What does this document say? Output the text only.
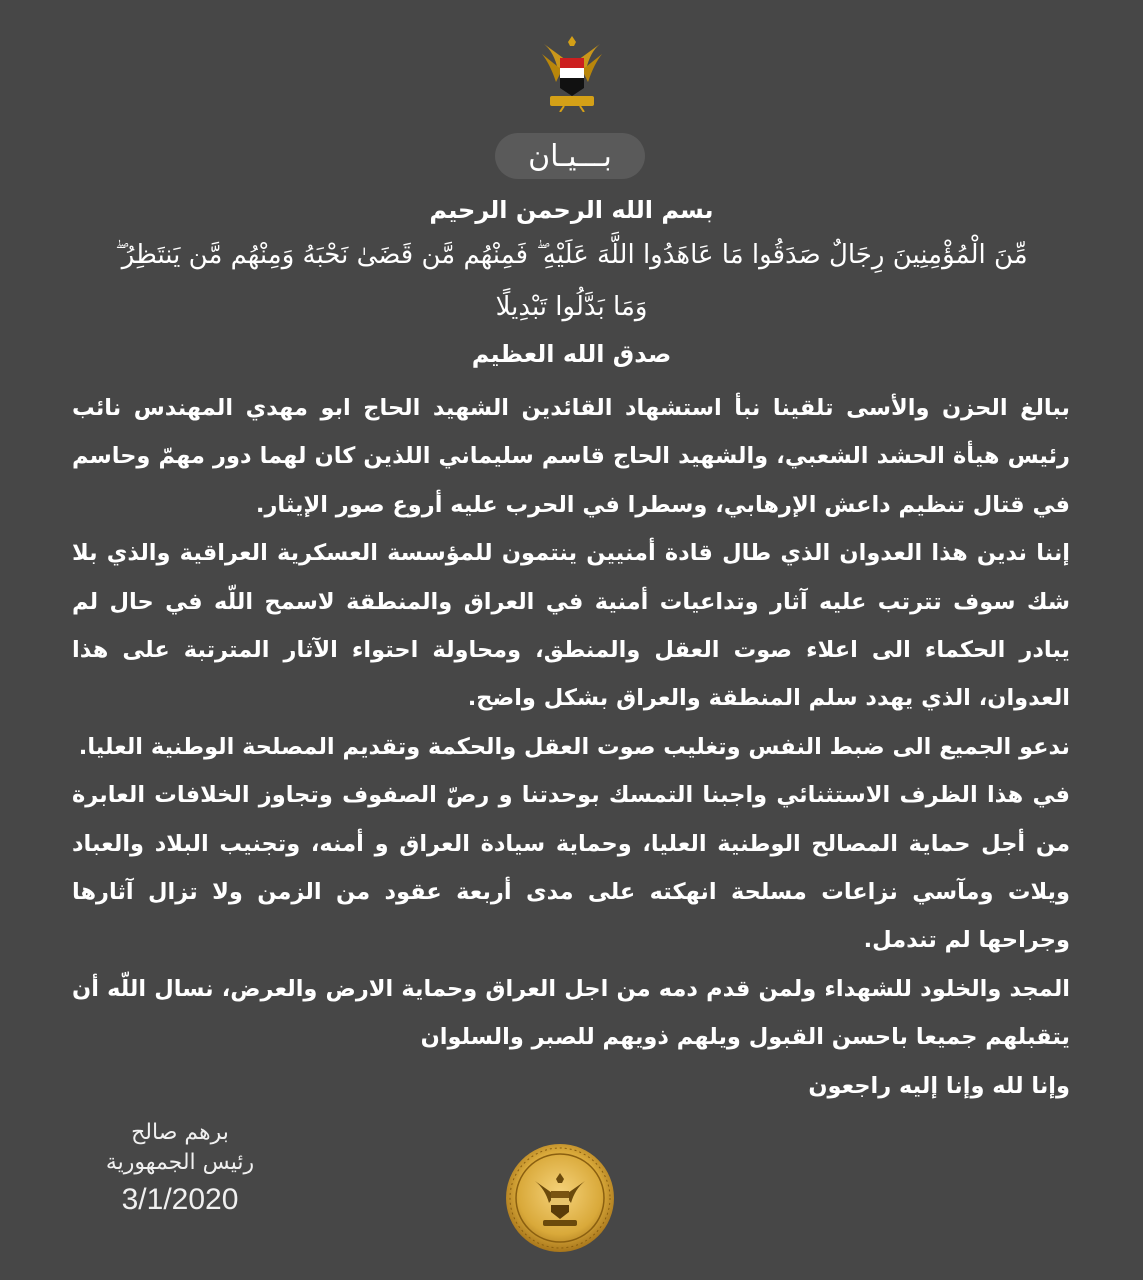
بـــيـان
بسم الله الرحمن الرحيم
مِّنَ الْمُؤْمِنِينَ رِجَالٌ صَدَقُوا مَا عَاهَدُوا اللَّهَ عَلَيْهِ ۖ فَمِنْهُم مَّن قَضَىٰ نَحْبَهُ وَمِنْهُم مَّن يَنتَظِرُ ۖ
وَمَا بَدَّلُوا تَبْدِيلًا
صدق الله العظيم

ببالغ الحزن والأسى تلقينا نبأ استشهاد القائدين الشهيد الحاج ابو مهدي المهندس نائب رئيس هيأة الحشد الشعبي، والشهيد الحاج قاسم سليماني اللذين كان لهما دور مهمّ وحاسم في قتال تنظيم داعش الإرهابي، وسطرا في الحرب عليه أروع صور الإيثار.

إننا ندين هذا العدوان الذي طال قادة أمنيين ينتمون للمؤسسة العسكرية العراقية والذي بلا شك سوف تترتب عليه آثار وتداعيات أمنية في العراق والمنطقة لاسمح اللّه في حال لم يبادر الحكماء الى اعلاء صوت العقل والمنطق، ومحاولة احتواء الآثار المترتبة على هذا العدوان، الذي يهدد سلم المنطقة والعراق بشكل واضح.

ندعو الجميع الى ضبط النفس وتغليب صوت العقل والحكمة وتقديم المصلحة الوطنية العليا.

في هذا الظرف الاستثنائي واجبنا التمسك بوحدتنا و رصّ الصفوف وتجاوز الخلافات العابرة من أجل حماية المصالح الوطنية العليا، وحماية سيادة العراق و أمنه، وتجنيب البلاد والعباد ويلات ومآسي نزاعات مسلحة انهكته على مدى أربعة عقود من الزمن ولا تزال آثارها وجراحها لم تندمل.

المجد والخلود للشهداء ولمن قدم دمه من اجل العراق وحماية الارض والعرض، نسال اللّه أن يتقبلهم جميعا باحسن القبول ويلهم ذويهم للصبر والسلوان

وإنا لله وإنا إليه راجعون

برهم صالح
رئيس الجمهورية
3/1/2020
